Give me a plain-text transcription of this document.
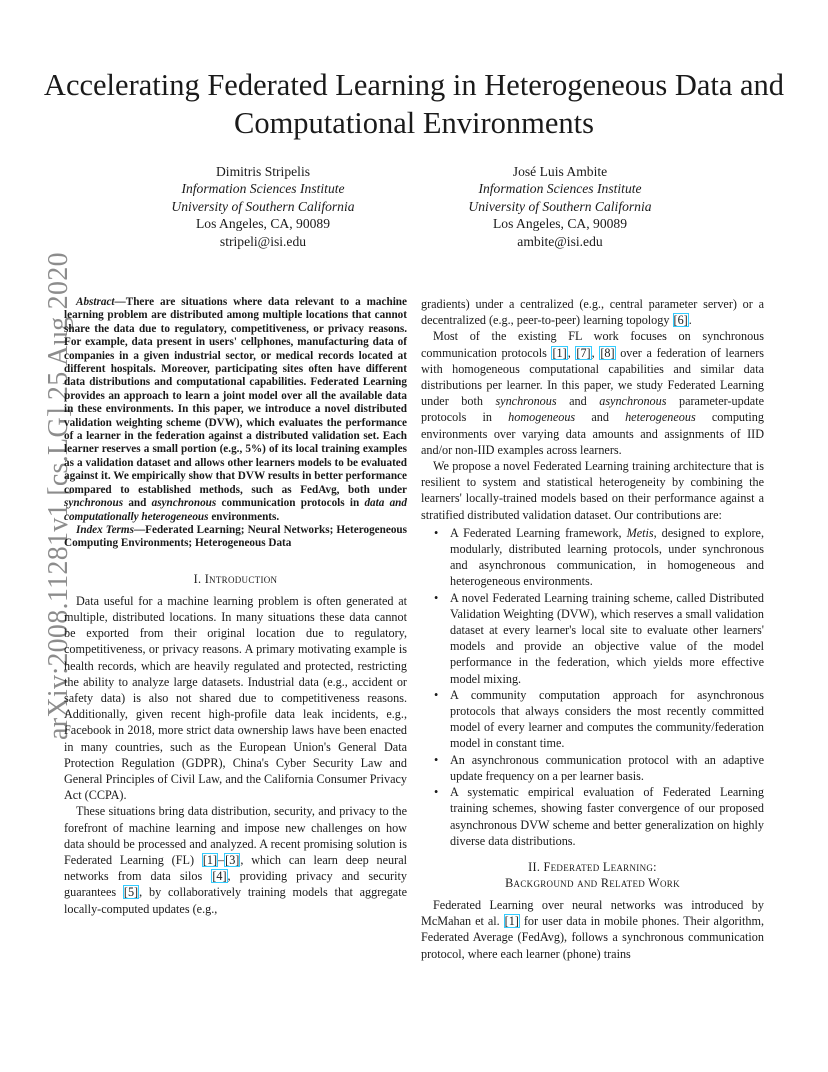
Accelerating Federated Learning in Heterogeneous Data and Computational Environments
Dimitris Stripelis
Information Sciences Institute
University of Southern California
Los Angeles, CA, 90089
stripeli@isi.edu
José Luis Ambite
Information Sciences Institute
University of Southern California
Los Angeles, CA, 90089
ambite@isi.edu
arXiv:2008.11281v1 [cs.LG] 25 Aug 2020 Abstract—There are situations where data relevant to a machine learning problem are distributed among multiple locations that cannot share the data due to regulatory, competitiveness, or privacy reasons. For example, data present in users' cellphones, manufacturing data of companies in a given industrial sector, or medical records located at different hospitals. Moreover, participating sites often have different data distributions and computational capabilities. Federated Learning provides an approach to learn a joint model over all the available data in these environments. In this paper, we introduce a novel distributed validation weighting scheme (DVW), which evaluates the performance of a learner in the federation against a distributed validation set. Each learner reserves a small portion (e.g., 5%) of its local training examples as a validation dataset and allows other learners models to be evaluated against it. We empirically show that DVW results in better performance compared to established methods, such as FedAvg, both under synchronous and asynchronous communication protocols in data and computationally heterogeneous environments.

Index Terms—Federated Learning; Neural Networks; Heterogeneous Computing Environments; Heterogeneous Data

I. Introduction

Data useful for a machine learning problem is often generated at multiple, distributed locations. In many situations these data cannot be exported from their original location due to regulatory, competitiveness, or privacy reasons. A primary motivating example is health records, which are heavily regulated and protected, restricting the ability to analyze large datasets. Industrial data (e.g., accident or safety data) is also not shared due to competitiveness reasons. Additionally, given recent high-profile data leak incidents, e.g., Facebook in 2018, more strict data ownership laws have been enacted in many countries, such as the European Union's General Data Protection Regulation (GDPR), China's Cyber Security Law and General Principles of Civil Law, and the California Consumer Privacy Act (CCPA).

These situations bring data distribution, security, and privacy to the forefront of machine learning and impose new challenges on how data should be processed and analyzed. A recent promising solution is Federated Learning (FL) [1]–[3], which can learn deep neural networks from data silos [4], providing privacy and security guarantees [5], by collaboratively training models that aggregate locally-computed updates (e.g.,

gradients) under a centralized (e.g., central parameter server) or a decentralized (e.g., peer-to-peer) learning topology [6].

Most of the existing FL work focuses on synchronous communication protocols [1], [7], [8] over a federation of learners with homogeneous computational capabilities and similar data distributions per learner. In this paper, we study Federated Learning under both synchronous and asynchronous parameter-update protocols in homogeneous and heterogeneous computing environments over varying data amounts and assignments of IID and/or non-IID examples across learners.

We propose a novel Federated Learning training architecture that is resilient to system and statistical heterogeneity by combining the learners' locally-trained models based on their performance against a stratified distributed validation dataset. Our contributions are:

• A Federated Learning framework, Metis, designed to explore, modularly, distributed learning protocols, under synchronous and asynchronous communication, in homogeneous and heterogeneous environments.
• A novel Federated Learning training scheme, called Distributed Validation Weighting (DVW), which reserves a small validation dataset at every learner's local site to evaluate other learners' models and provide an objective value of the model performance in the federation, which yields more effective model mixing.
• A community computation approach for asynchronous protocols that always considers the most recently committed model of every learner and computes the community/federation model in constant time.
• An asynchronous communication protocol with an adaptive update frequency on a per learner basis.
• A systematic empirical evaluation of Federated Learning training schemes, showing faster convergence of our proposed asynchronous DVW scheme and better generalization on highly diverse data distributions.
II. Federated Learning:
Background and Related Work

Federated Learning over neural networks was introduced by McMahan et al. [1] for user data in mobile phones. Their algorithm, Federated Average (FedAvg), follows a synchronous communication protocol, where each learner (phone) trains
